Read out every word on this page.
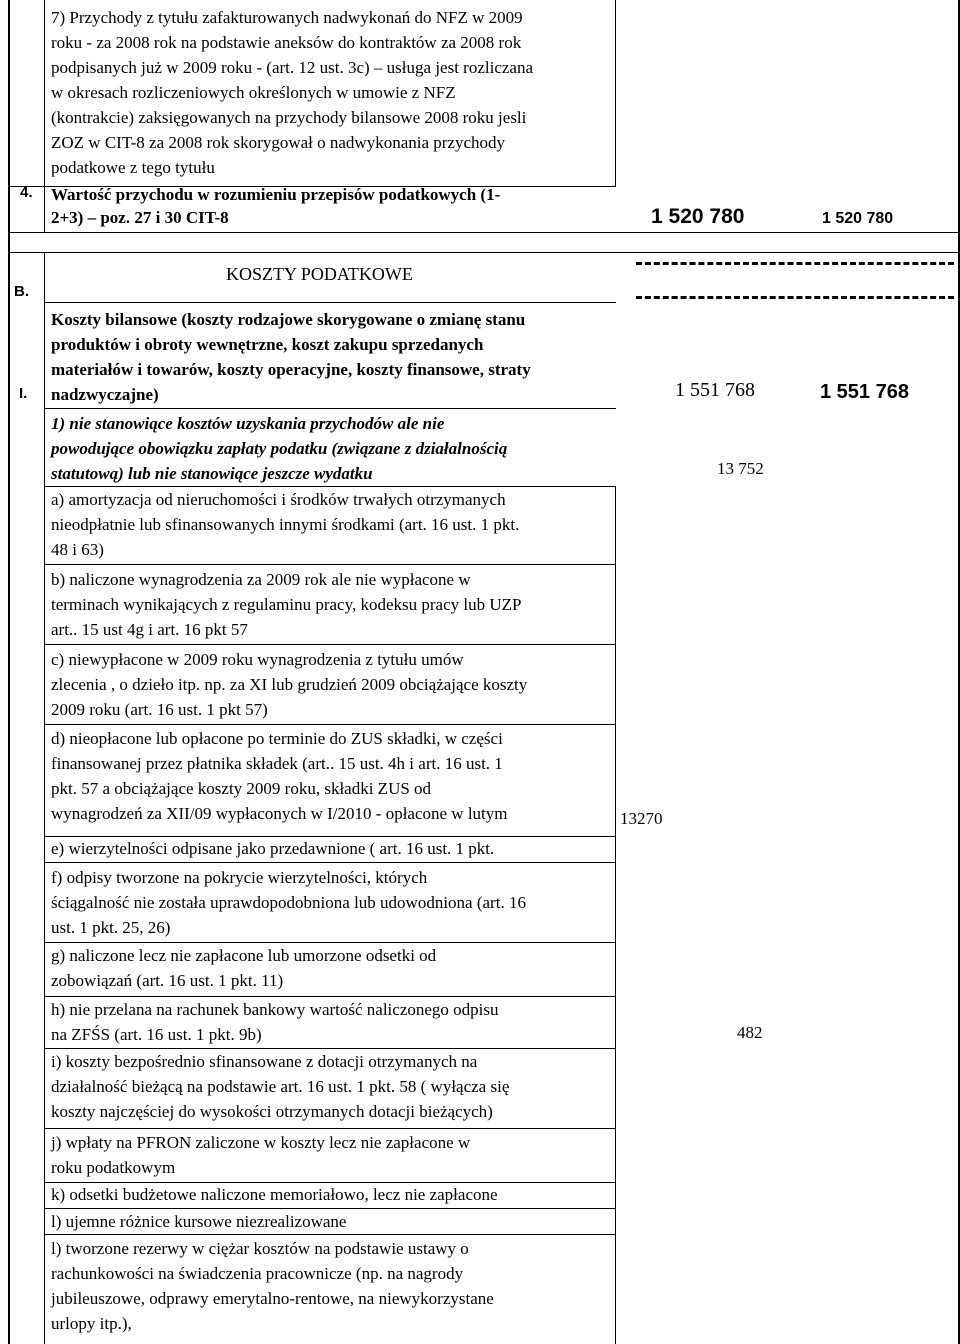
7) Przychody z tytułu zafakturowanych nadwykonań do NFZ w 2009
roku - za 2008 rok na podstawie aneksów do kontraktów za 2008 rok
podpisanych już w 2009 roku - (art. 12 ust. 3c) – usługa jest rozliczana
w okresach rozliczeniowych określonych w umowie z NFZ
(kontrakcie) zaksięgowanych na przychody bilansowe 2008 roku jesli
ZOZ w CIT-8 za 2008 rok skorygował o nadwykonania przychody
podatkowe z tego tytułu
4. Wartość przychodu w rozumieniu przepisów podatkowych (1-
2+3) – poz. 27 i 30 CIT-8	1 520 780	1 520 780
B.
KOSZTY PODATKOWE
I.
Koszty bilansowe (koszty rodzajowe skorygowane o zmianę stanu
produktów i obroty wewnętrzne, koszt zakupu sprzedanych
materiałów i towarów, koszty operacyjne, koszty finansowe, straty
nadzwyczajne)	1 551 768	1 551 768
1) nie stanowiące kosztów uzyskania przychodów ale nie
powodujące obowiązku zapłaty podatku (związane z działalnością
statutową) lub nie stanowiące jeszcze wydatku	13 752
a) amortyzacja od nieruchomości i środków trwałych otrzymanych
nieodpłatnie lub sfinansowanych innymi środkami (art. 16 ust. 1 pkt.
48 i 63)
b) naliczone wynagrodzenia za 2009 rok ale nie wypłacone w
terminach wynikających z regulaminu pracy, kodeksu pracy lub UZP
art.. 15 ust 4g i art. 16 pkt 57
c) niewypłacone w 2009 roku wynagrodzenia z tytułu umów
zlecenia , o dzieło itp. np. za XI lub grudzień 2009 obciążające koszty
2009 roku (art. 16 ust. 1 pkt 57)
d) nieopłacone lub opłacone po terminie do ZUS składki, w części
finansowanej przez płatnika składek (art.. 15 ust. 4h i art. 16 ust. 1
pkt. 57 a obciążające koszty 2009 roku, składki ZUS od
wynagrodzeń za XII/09 wypłaconych w I/2010 - opłacone w lutym	13270
e) wierzytelności odpisane jako przedawnione ( art. 16 ust. 1 pkt.
f) odpisy tworzone na pokrycie wierzytelności, których
ściągalność nie została uprawdopodobniona lub udowodniona (art. 16
ust. 1 pkt. 25, 26)
g) naliczone lecz nie zapłacone lub umorzone odsetki od
zobowiązań (art. 16 ust. 1 pkt. 11)
h) nie przelana na rachunek bankowy wartość naliczonego odpisu
na ZFŚS (art. 16 ust. 1 pkt. 9b)	482
i) koszty bezpośrednio sfinansowane z dotacji otrzymanych na
działalność bieżącą na podstawie art. 16 ust. 1 pkt. 58 ( wyłącza się
koszty najczęściej do wysokości otrzymanych dotacji bieżących)
j) wpłaty na PFRON zaliczone w koszty lecz nie zapłacone w
roku podatkowym
k) odsetki budżetowe naliczone memoriałowo, lecz nie zapłacone
l) ujemne różnice kursowe niezrealizowane
l) tworzone rezerwy w ciężar kosztów na podstawie ustawy o
rachunkowości na świadczenia pracownicze (np. na nagrody
jubileuszowe, odprawy emerytalno-rentowe, na niewykorzystane
urlopy itp.),
